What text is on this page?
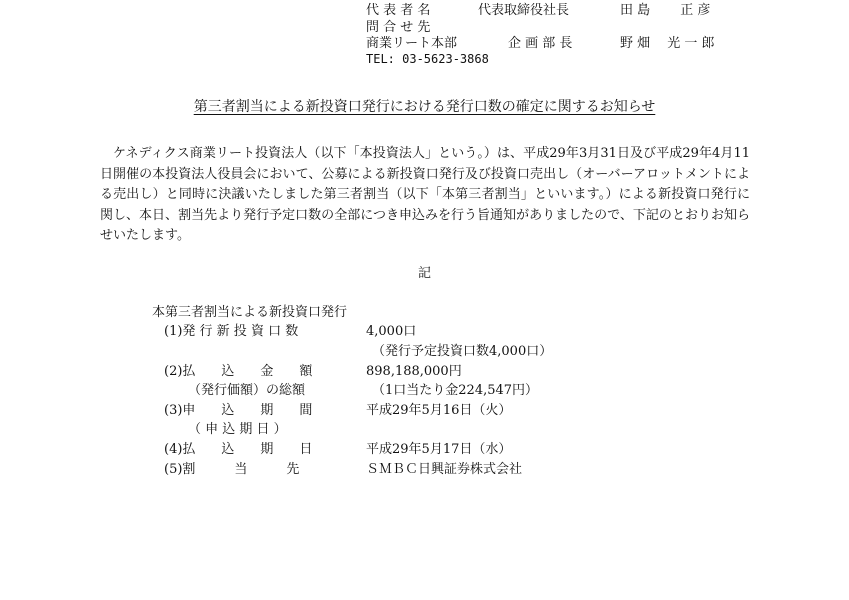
代 表 者 名	代表取締役社長	田 島　　 正 彦
問 合 せ 先
商業リート本部	企 画 部 長	野 畑　 光 一 郎
TEL: 03-5623-3868
第三者割当による新投資口発行における発行口数の確定に関するお知らせ
ケネディクス商業リート投資法人（以下「本投資法人」という。）は、平成29年3月31日及び平成29年4月11日開催の本投資法人役員会において、公募による新投資口発行及び投資口売出し（オーバーアロットメントによる売出し）と同時に決議いたしました第三者割当（以下「本第三者割当」といいます。）による新投資口発行に関し、本日、割当先より発行予定口数の全部につき申込みを行う旨通知がありましたので、下記のとおりお知らせいたします。
記
本第三者割当による新投資口発行
(1)発 行 新 投 資 口 数	4,000口
（発行予定投資口数4,000口）
(2)払　　込　　金　　額	898,188,000円
（発行価額）の総額	（1口当たり金224,547円）
(3)申　　込　　期　　間	平成29年5月16日（火）
（ 申 込 期 日 ）
(4)払　　込　　期　　日	平成29年5月17日（水）
(5)割　　　当　　　先	ＳＭＢＣ日興証券株式会社
